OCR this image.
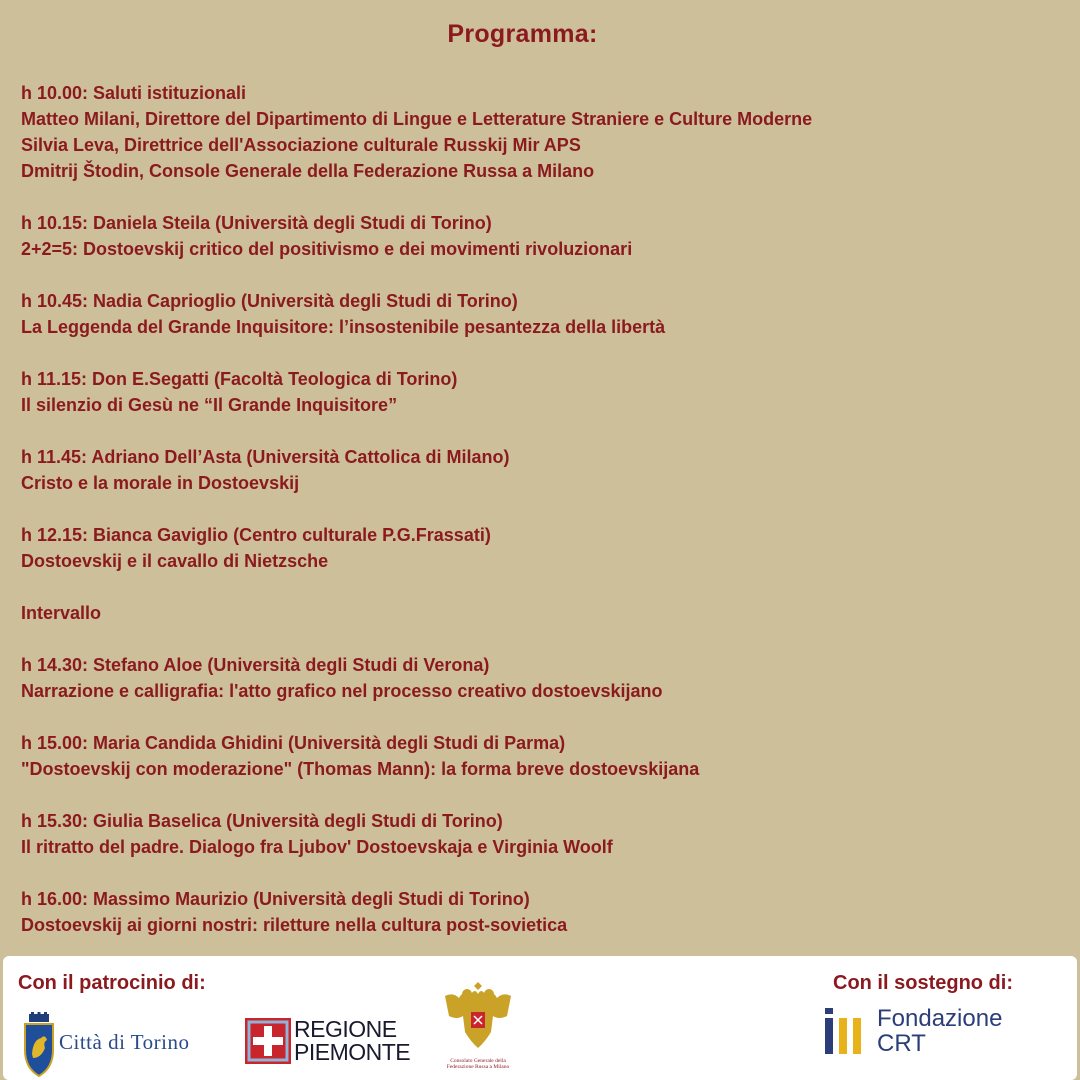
Programma:
h 10.00: Saluti istituzionali
Matteo Milani, Direttore del Dipartimento di Lingue e Letterature Straniere e Culture Moderne
Silvia Leva, Direttrice dell'Associazione culturale Russkij Mir APS
Dmitrij Štodin, Console Generale della Federazione Russa a Milano
h 10.15: Daniela Steila (Università degli Studi di Torino)
2+2=5: Dostoevskij critico del positivismo e dei movimenti rivoluzionari
h 10.45: Nadia Caprioglio (Università degli Studi di Torino)
La Leggenda del Grande Inquisitore: l’insostenibile pesantezza della libertà
h 11.15: Don E.Segatti (Facoltà Teologica di Torino)
Il silenzio di Gesù ne “Il Grande Inquisitore”
h 11.45: Adriano Dell’Asta (Università Cattolica di Milano)
Cristo e la morale in Dostoevskij
h 12.15: Bianca Gaviglio (Centro culturale P.G.Frassati)
Dostoevskij e il cavallo di Nietzsche
Intervallo
h 14.30: Stefano Aloe (Università degli Studi di Verona)
Narrazione e calligrafia: l'atto grafico nel processo creativo dostoevskijano
h 15.00: Maria Candida Ghidini (Università degli Studi di Parma)
"Dostoevskij con moderazione" (Thomas Mann): la forma breve dostoevskijana
h 15.30: Giulia Baselica (Università degli Studi di Torino)
Il ritratto del padre. Dialogo fra Ljubov' Dostoevskaja e Virginia Woolf
h 16.00: Massimo Maurizio (Università degli Studi di Torino)
Dostoevskij ai giorni nostri: riletture nella cultura post-sovietica
Con il patrocinio di:	Con il sostegno di:
Città di Torino	REGIONE
PIEMONTE	Consolato Generale della
Federazione Russa a Milano
Fondazione
CRT
